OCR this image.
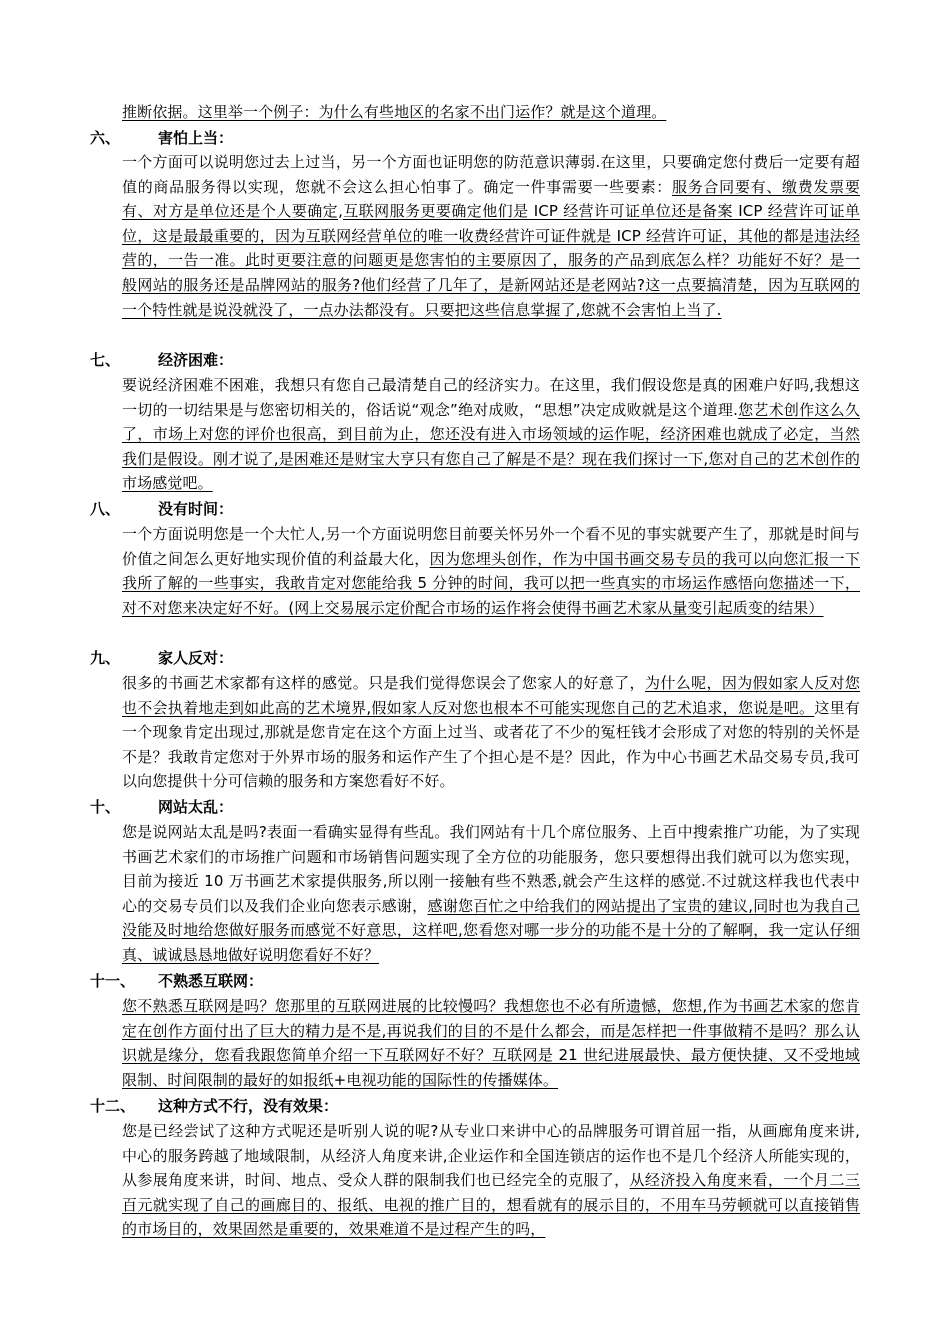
推断依据。这里举一个例子：为什么有些地区的名家不出门运作？就是这个道理。

六、	害怕上当：

一个方面可以说明您过去上过当，另一个方面也证明您的防范意识薄弱.在这里，只要确定您付费后一定要有超值的商品服务得以实现，您就不会这么担心怕事了。确定一件事需要一些要素：服务合同要有、缴费发票要有、对方是单位还是个人要确定,互联网服务更要确定他们是 ICP 经营许可证单位还是备案 ICP 经营许可证单位，这是最最重要的，因为互联网经营单位的唯一收费经营许可证件就是 ICP 经营许可证，其他的都是违法经营的，一告一准。此时更要注意的问题更是您害怕的主要原因了，服务的产品到底怎么样？功能好不好？是一般网站的服务还是品牌网站的服务?他们经营了几年了，是新网站还是老网站?这一点要搞清楚，因为互联网的一个特性就是说没就没了，一点办法都没有。只要把这些信息掌握了,您就不会害怕上当了.

七、	经济困难：

要说经济困难不困难，我想只有您自己最清楚自己的经济实力。在这里，我们假设您是真的困难户好吗,我想这一切的一切结果是与您密切相关的，俗话说“观念”绝对成败，“思想”决定成败就是这个道理.您艺术创作这么久了，市场上对您的评价也很高，到目前为止，您还没有进入市场领域的运作呢，经济困难也就成了必定，当然我们是假设。刚才说了,是困难还是财宝大亨只有您自己了解是不是？现在我们探讨一下,您对自己的艺术创作的市场感觉吧。

八、	没有时间：

一个方面说明您是一个大忙人,另一个方面说明您目前要关怀另外一个看不见的事实就要产生了，那就是时间与价值之间怎么更好地实现价值的利益最大化，因为您埋头创作，作为中国书画交易专员的我可以向您汇报一下我所了解的一些事实，我敢肯定对您能给我 5 分钟的时间，我可以把一些真实的市场运作感悟向您描述一下，对不对您来决定好不好。(网上交易展示定价配合市场的运作将会使得书画艺术家从量变引起质变的结果）

九、	家人反对：

很多的书画艺术家都有这样的感觉。只是我们觉得您误会了您家人的好意了，为什么呢，因为假如家人反对您也不会执着地走到如此高的艺术境界,假如家人反对您也根本不可能实现您自己的艺术追求，您说是吧。这里有一个现象肯定出现过,那就是您肯定在这个方面上过当、或者花了不少的冤枉钱才会形成了对您的特别的关怀是不是？我敢肯定您对于外界市场的服务和运作产生了个担心是不是？因此，作为中心书画艺术品交易专员,我可以向您提供十分可信赖的服务和方案您看好不好。

十、	网站太乱：

您是说网站太乱是吗?表面一看确实显得有些乱。我们网站有十几个席位服务、上百中搜索推广功能，为了实现书画艺术家们的市场推广问题和市场销售问题实现了全方位的功能服务，您只要想得出我们就可以为您实现，目前为接近 10 万书画艺术家提供服务,所以刚一接触有些不熟悉,就会产生这样的感觉.不过就这样我也代表中心的交易专员们以及我们企业向您表示感谢，感谢您百忙之中给我们的网站提出了宝贵的建议,同时也为我自己没能及时地给您做好服务而感觉不好意思，这样吧,您看您对哪一步分的功能不是十分的了解啊，我一定认仔细真、诚诚恳恳地做好说明您看好不好？

十一、 不熟悉互联网：

您不熟悉互联网是吗？您那里的互联网进展的比较慢吗？我想您也不必有所遗憾，您想,作为书画艺术家的您肯定在创作方面付出了巨大的精力是不是,再说我们的目的不是什么都会，而是怎样把一件事做精不是吗？那么认识就是缘分，您看我跟您简单介绍一下互联网好不好？互联网是 21 世纪进展最快、最方便快捷、又不受地域限制、时间限制的最好的如报纸+电视功能的国际性的传播媒体。

十二、 这种方式不行，没有效果：

您是已经尝试了这种方式呢还是听别人说的呢?从专业口来讲中心的品牌服务可谓首屈一指，从画廊角度来讲,中心的服务跨越了地域限制，从经济人角度来讲,企业运作和全国连锁店的运作也不是几个经济人所能实现的，从参展角度来讲，时间、地点、受众人群的限制我们也已经完全的克服了，从经济投入角度来看，一个月二三百元就实现了自己的画廊目的、报纸、电视的推广目的，想看就有的展示目的，不用车马劳顿就可以直接销售的市场目的，效果固然是重要的，效果难道不是过程产生的吗，
